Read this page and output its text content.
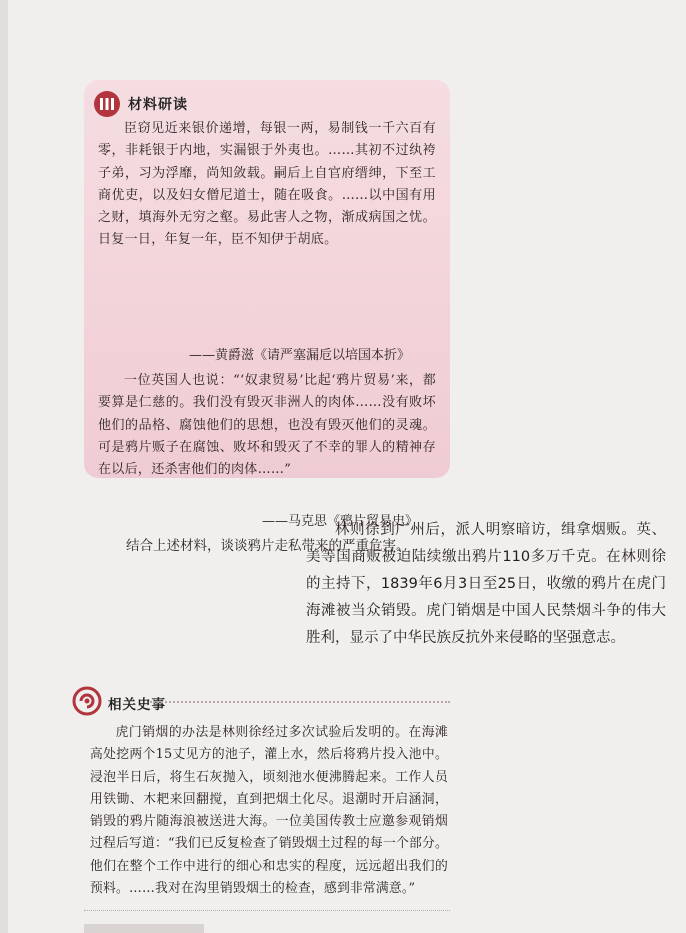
材料研读

臣窃见近来银价递增，每银一两，易制钱一千六百有零，非耗银于内地，实漏银于外夷也。……其初不过纨袴子弟，习为浮靡，尚知敛载。嗣后上自官府缙绅，下至工商优吏，以及妇女僧尼道士，随在吸食。……以中国有用之财，填海外无穷之壑。易此害人之物，渐成病国之忧。日复一日，年复一年，臣不知伊于胡底。

——黄爵滋《请严塞漏卮以培国本折》

一位英国人也说：“‘奴隶贸易’比起‘鸦片贸易’来，都要算是仁慈的。我们没有毁灭非洲人的肉体……没有败坏他们的品格、腐蚀他们的思想，也没有毁灭他们的灵魂。可是鸦片贩子在腐蚀、败坏和毁灭了不幸的罪人的精神存在以后，还杀害他们的肉体……”

——马克思《鸦片贸易史》
结合上述材料，谈谈鸦片走私带来的严重危害。

林则徐到广州后，派人明察暗访，缉拿烟贩。英、美等国商贩被迫陆续缴出鸦片110多万千克。在林则徐的主持下，1839年6月3日至25日，收缴的鸦片在虎门海滩被当众销毁。虎门销烟是中国人民禁烟斗争的伟大胜利，显示了中华民族反抗外来侵略的坚强意志。

相关史事

虎门销烟的办法是林则徐经过多次试验后发明的。在海滩高处挖两个15丈见方的池子，灌上水，然后将鸦片投入池中。浸泡半日后，将生石灰抛入，顷刻池水便沸腾起来。工作人员用铁锄、木耙来回翻搅，直到把烟土化尽。退潮时开启涵洞，销毁的鸦片随海浪被送进大海。一位美国传教士应邀参观销烟过程后写道：“我们已反复检查了销毁烟土过程的每一个部分。他们在整个工作中进行的细心和忠实的程度，远远超出我们的预料。……我对在沟里销毁烟土的检查，感到非常满意。”
